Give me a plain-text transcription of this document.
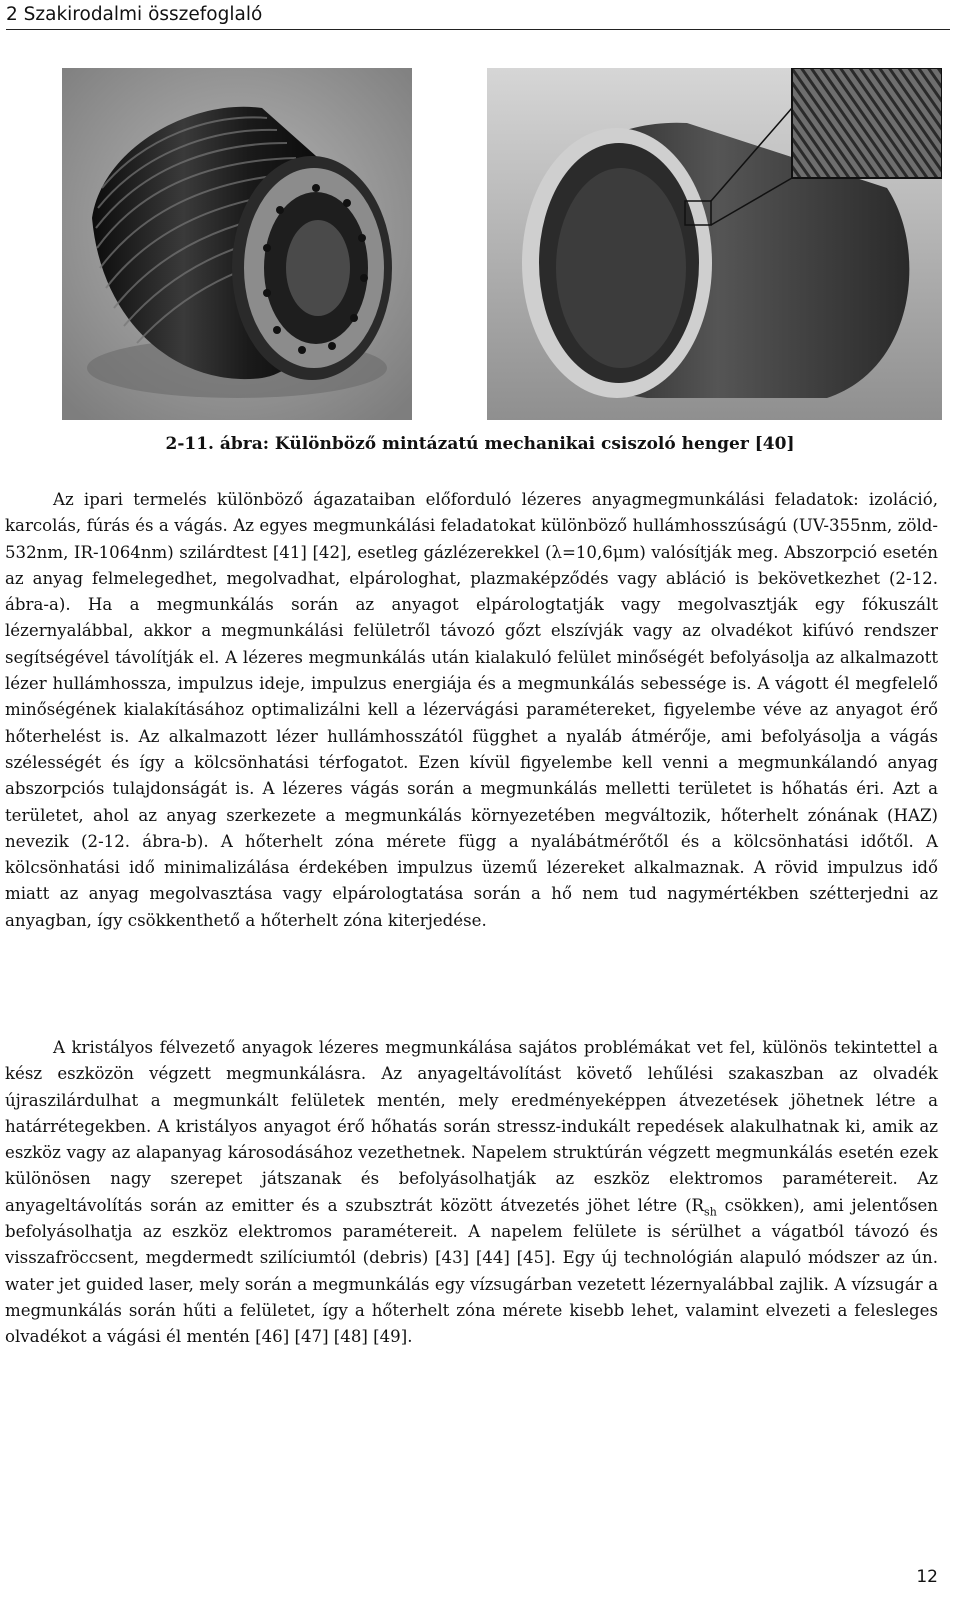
2 Szakirodalmi összefoglaló
2-11. ábra: Különböző mintázatú mechanikai csiszoló henger [40]

Az ipari termelés különböző ágazataiban előforduló lézeres anyagmegmunkálási feladatok: izoláció, karcolás, fúrás és a vágás. Az egyes megmunkálási feladatokat különböző hullámhosszúságú (UV-355nm, zöld-532nm, IR-1064nm) szilárdtest [41] [42], esetleg gázlézerekkel (λ=10,6μm) valósítják meg. Abszorpció esetén az anyag felmelegedhet, megolvadhat, elpárologhat, plazmaképződés vagy abláció is bekövetkezhet (2-12. ábra-a). Ha a megmunkálás során az anyagot elpárologtatják vagy megolvasztják egy fókuszált lézernyalábbal, akkor a megmunkálási felületről távozó gőzt elszívják vagy az olvadékot kifúvó rendszer segítségével távolítják el. A lézeres megmunkálás után kialakuló felület minőségét befolyásolja az alkalmazott lézer hullámhossza, impulzus ideje, impulzus energiája és a megmunkálás sebessége is. A vágott él megfelelő minőségének kialakításához optimalizálni kell a lézervágási paramétereket, figyelembe véve az anyagot érő hőterhelést is. Az alkalmazott lézer hullámhosszától függhet a nyaláb átmérője, ami befolyásolja a vágás szélességét és így a kölcsönhatási térfogatot. Ezen kívül figyelembe kell venni a megmunkálandó anyag abszorpciós tulajdonságát is. A lézeres vágás során a megmunkálás melletti területet is hőhatás éri. Azt a területet, ahol az anyag szerkezete a megmunkálás környezetében megváltozik, hőterhelt zónának (HAZ) nevezik (2-12. ábra-b). A hőterhelt zóna mérete függ a nyalábátmérőtől és a kölcsönhatási időtől. A kölcsönhatási idő minimalizálása érdekében impulzus üzemű lézereket alkalmaznak. A rövid impulzus idő miatt az anyag megolvasztása vagy elpárologtatása során a hő nem tud nagymértékben szétterjedni az anyagban, így csökkenthető a hőterhelt zóna kiterjedése.

A kristályos félvezető anyagok lézeres megmunkálása sajátos problémákat vet fel, különös tekintettel a kész eszközön végzett megmunkálásra. Az anyageltávolítást követő lehűlési szakaszban az olvadék újraszilárdulhat a megmunkált felületek mentén, mely eredményeképpen átvezetések jöhetnek létre a határrétegekben. A kristályos anyagot érő hőhatás során stressz-indukált repedések alakulhatnak ki, amik az eszköz vagy az alapanyag károsodásához vezethetnek. Napelem struktúrán végzett megmunkálás esetén ezek különösen nagy szerepet játszanak és befolyásolhatják az eszköz elektromos paramétereit. Az anyageltávolítás során az emitter és a szubsztrát között átvezetés jöhet létre ($R_{sh}$ csökken), ami jelentősen befolyásolhatja az eszköz elektromos paramétereit. A napelem felülete is sérülhet a vágatból távozó és visszafröccsent, megdermedt szilíciumtól (debris) [43] [44] [45]. Egy új technológián alapuló módszer az ún. water jet guided laser, mely során a megmunkálás egy vízsugárban vezetett lézernyalábbal zajlik. A vízsugár a megmunkálás során hűti a felületet, így a hőterhelt zóna mérete kisebb lehet, valamint elvezeti a felesleges olvadékot a vágási él mentén [46] [47] [48] [49].

12
